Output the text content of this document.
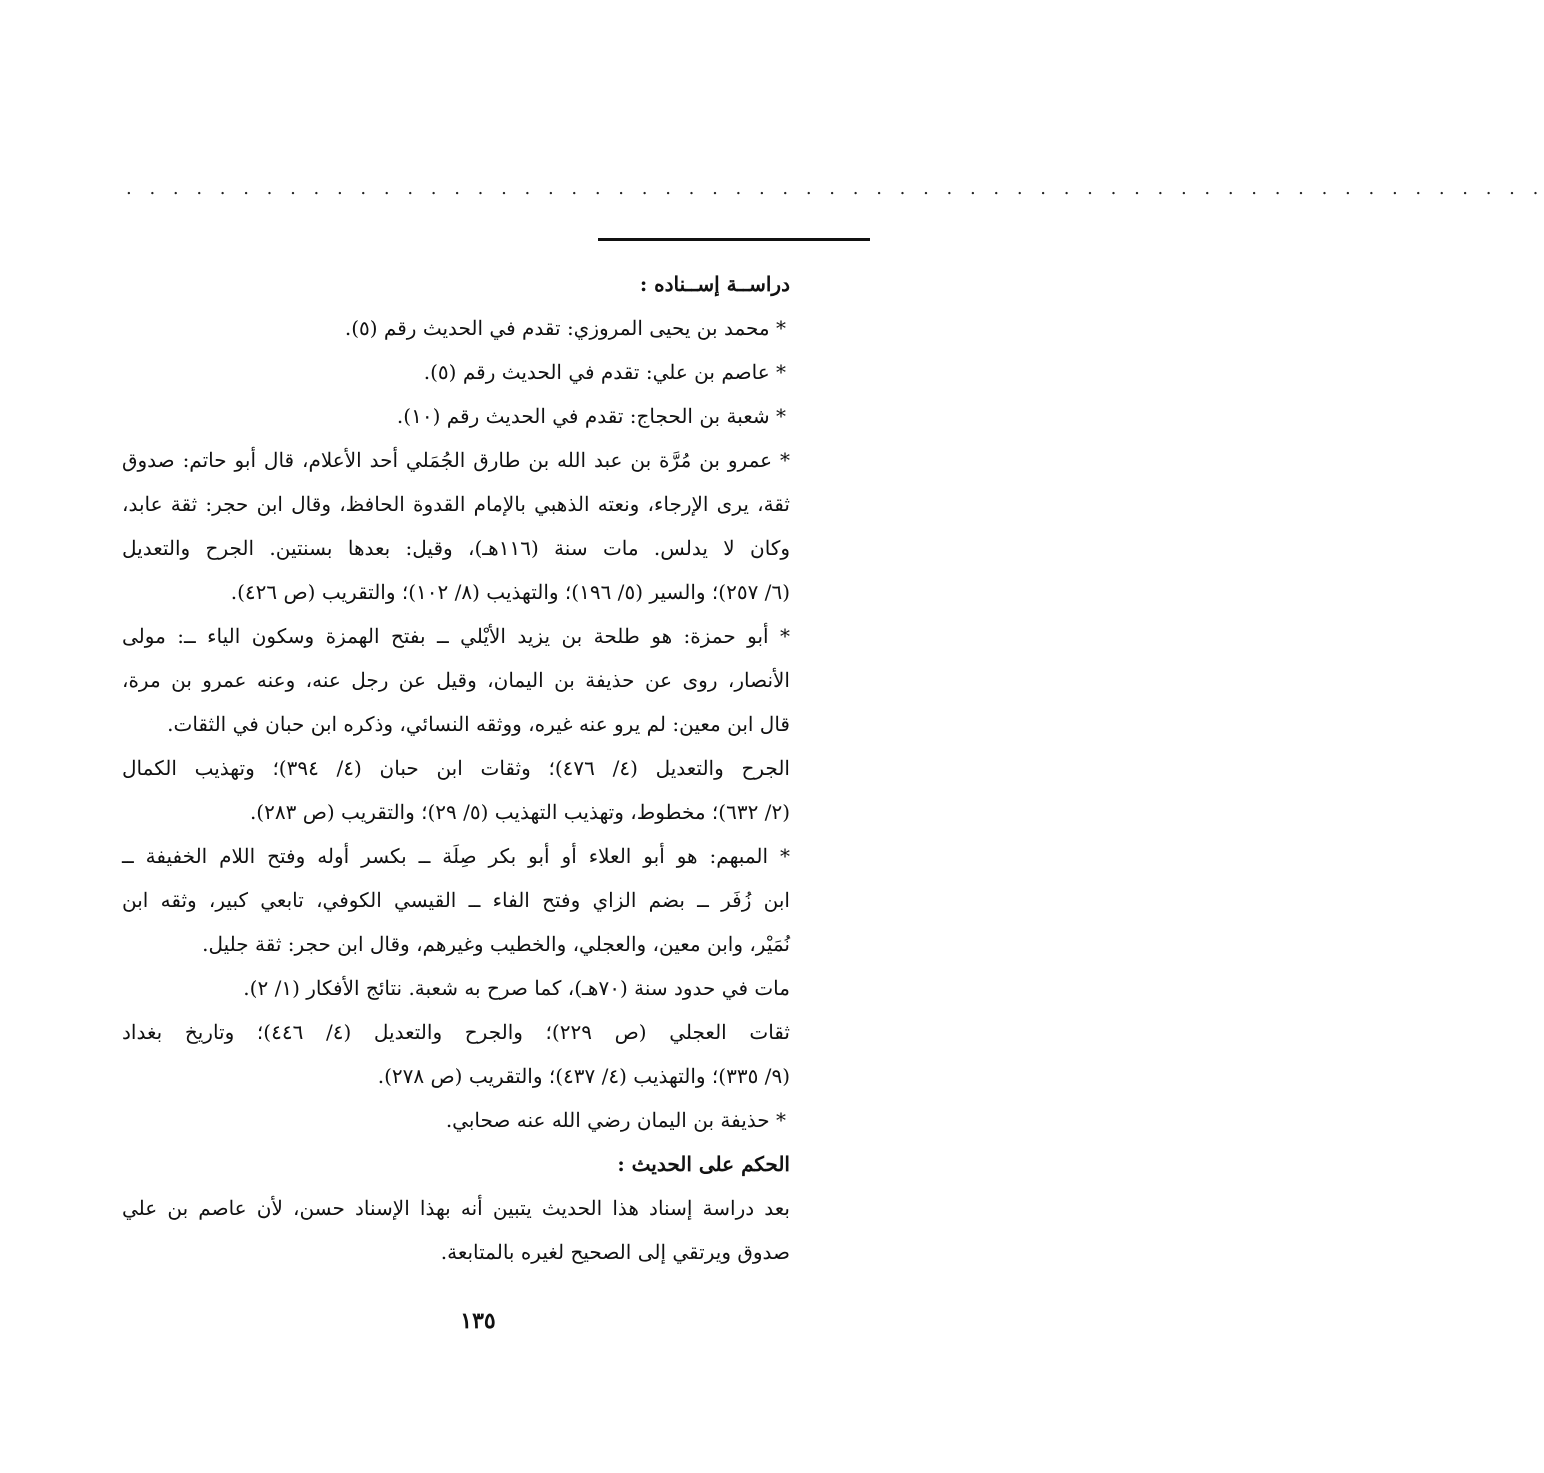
. . . . . . . . . . . . . . . . . . . . . . . . . . . . . . . . . . . . . . . . . . . . . . . . . . . . . . . . . . . . .
دراســة إســناده :
* محمد بن يحيى المروزي: تقدم في الحديث رقم (٥).
* عاصم بن علي: تقدم في الحديث رقم (٥).
* شعبة بن الحجاج: تقدم في الحديث رقم (١٠).
* عمرو بن مُرَّة بن عبد الله بن طارق الجُمَلي أحد الأعلام، قال أبو حاتم: صدوق
ثقة، يرى الإرجاء، ونعته الذهبي بالإمام القدوة الحافظ، وقال ابن حجر: ثقة عابد،
وكان لا يدلس. مات سنة (١١٦هـ)، وقيل: بعدها بسنتين. الجرح والتعديل
(٦/ ٢٥٧)؛ والسير (٥/ ١٩٦)؛ والتهذيب (٨/ ١٠٢)؛ والتقريب (ص ٤٢٦).
* أبو حمزة: هو طلحة بن يزيد الأيْلي ــ بفتح الهمزة وسكون الياء ــ: مولى
الأنصار، روى عن حذيفة بن اليمان، وقيل عن رجل عنه، وعنه عمرو بن مرة،
قال ابن معين: لم يرو عنه غيره، ووثقه النسائي، وذكره ابن حبان في الثقات.
الجرح والتعديل (٤/ ٤٧٦)؛ وثقات ابن حبان (٤/ ٣٩٤)؛ وتهذيب الكمال
(٢/ ٦٣٢)؛ مخطوط، وتهذيب التهذيب (٥/ ٢٩)؛ والتقريب (ص ٢٨٣).
* المبهم: هو أبو العلاء أو أبو بكر صِلَة ــ بكسر أوله وفتح اللام الخفيفة ــ
ابن زُفَر ــ بضم الزاي وفتح الفاء ــ القيسي الكوفي، تابعي كبير، وثقه ابن
نُمَيْر، وابن معين، والعجلي، والخطيب وغيرهم، وقال ابن حجر: ثقة جليل.
مات في حدود سنة (٧٠هـ)، كما صرح به شعبة. نتائج الأفكار (١/ ٢).
ثقات العجلي (ص ٢٢٩)؛ والجرح والتعديل (٤/ ٤٤٦)؛ وتاريخ بغداد
(٩/ ٣٣٥)؛ والتهذيب (٤/ ٤٣٧)؛ والتقريب (ص ٢٧٨).
* حذيفة بن اليمان رضي الله عنه صحابي.
الحكم على الحديث :
بعد دراسة إسناد هذا الحديث يتبين أنه بهذا الإسناد حسن، لأن عاصم بن علي
صدوق ويرتقي إلى الصحيح لغيره بالمتابعة.
١٣٥
